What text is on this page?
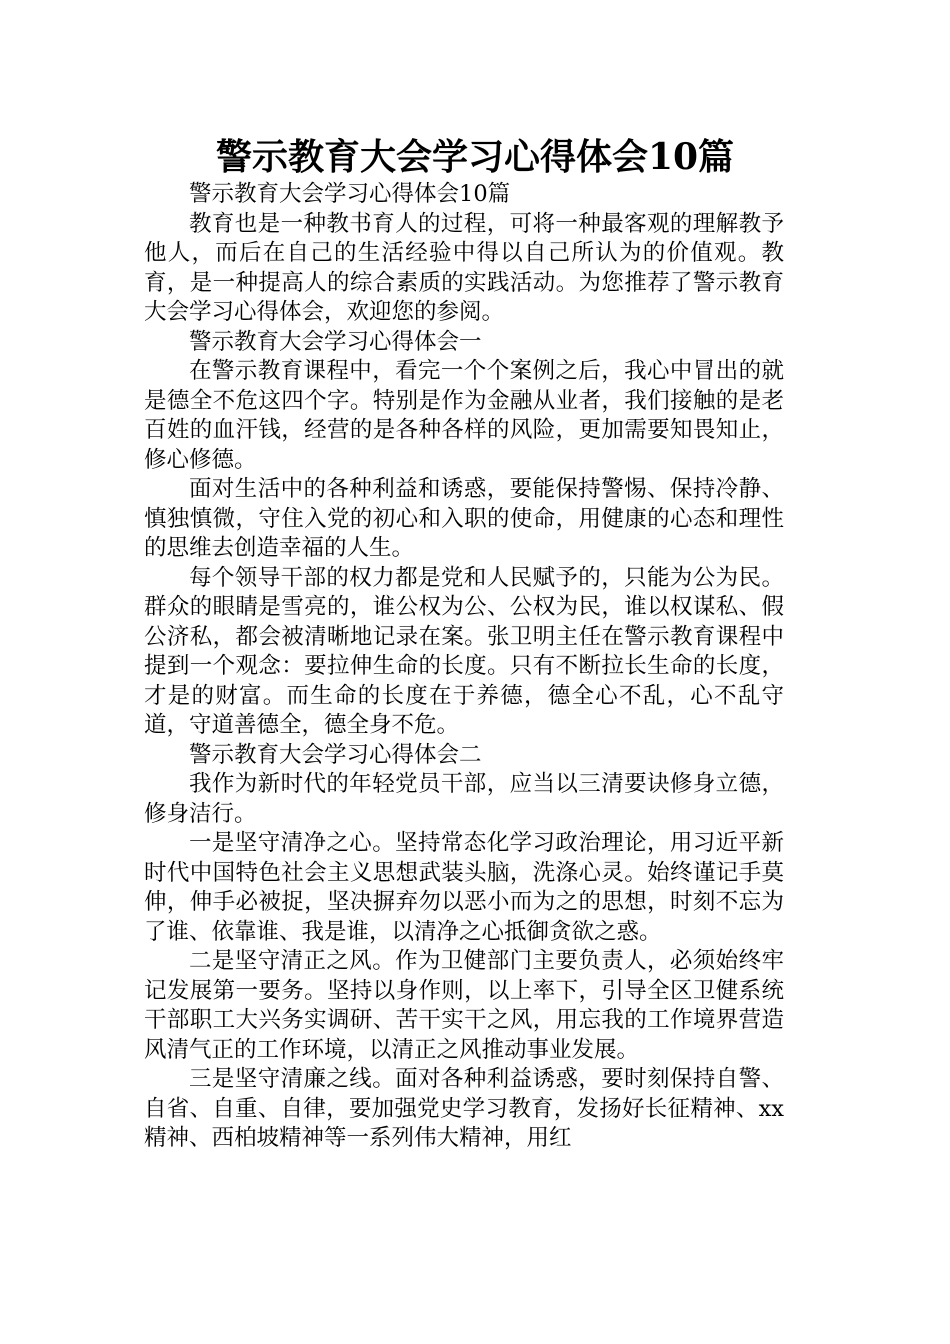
警示教育大会学习心得体会10篇

警示教育大会学习心得体会10篇

教育也是一种教书育人的过程，可将一种最客观的理解教予他人，而后在自己的生活经验中得以自己所认为的价值观。教育，是一种提高人的综合素质的实践活动。为您推荐了警示教育大会学习心得体会，欢迎您的参阅。

警示教育大会学习心得体会一

在警示教育课程中，看完一个个案例之后，我心中冒出的就是德全不危这四个字。特别是作为金融从业者，我们接触的是老百姓的血汗钱，经营的是各种各样的风险，更加需要知畏知止，修心修德。

面对生活中的各种利益和诱惑，要能保持警惕、保持冷静、慎独慎微，守住入党的初心和入职的使命，用健康的心态和理性的思维去创造幸福的人生。

每个领导干部的权力都是党和人民赋予的，只能为公为民。群众的眼睛是雪亮的，谁公权为公、公权为民，谁以权谋私、假公济私，都会被清晰地记录在案。张卫明主任在警示教育课程中提到一个观念：要拉伸生命的长度。只有不断拉长生命的长度，才是的财富。而生命的长度在于养德，德全心不乱，心不乱守道，守道善德全，德全身不危。

警示教育大会学习心得体会二

我作为新时代的年轻党员干部，应当以三清要诀修身立德，修身洁行。

一是坚守清净之心。坚持常态化学习政治理论，用习近平新时代中国特色社会主义思想武装头脑，洗涤心灵。始终谨记手莫伸，伸手必被捉，坚决摒弃勿以恶小而为之的思想，时刻不忘为了谁、依靠谁、我是谁，以清净之心抵御贪欲之惑。

二是坚守清正之风。作为卫健部门主要负责人，必须始终牢记发展第一要务。坚持以身作则，以上率下，引导全区卫健系统干部职工大兴务实调研、苦干实干之风，用忘我的工作境界营造风清气正的工作环境，以清正之风推动事业发展。

三是坚守清廉之线。面对各种利益诱惑，要时刻保持自警、自省、自重、自律，要加强党史学习教育，发扬好长征精神、xx精神、西柏坡精神等一系列伟大精神，用红
